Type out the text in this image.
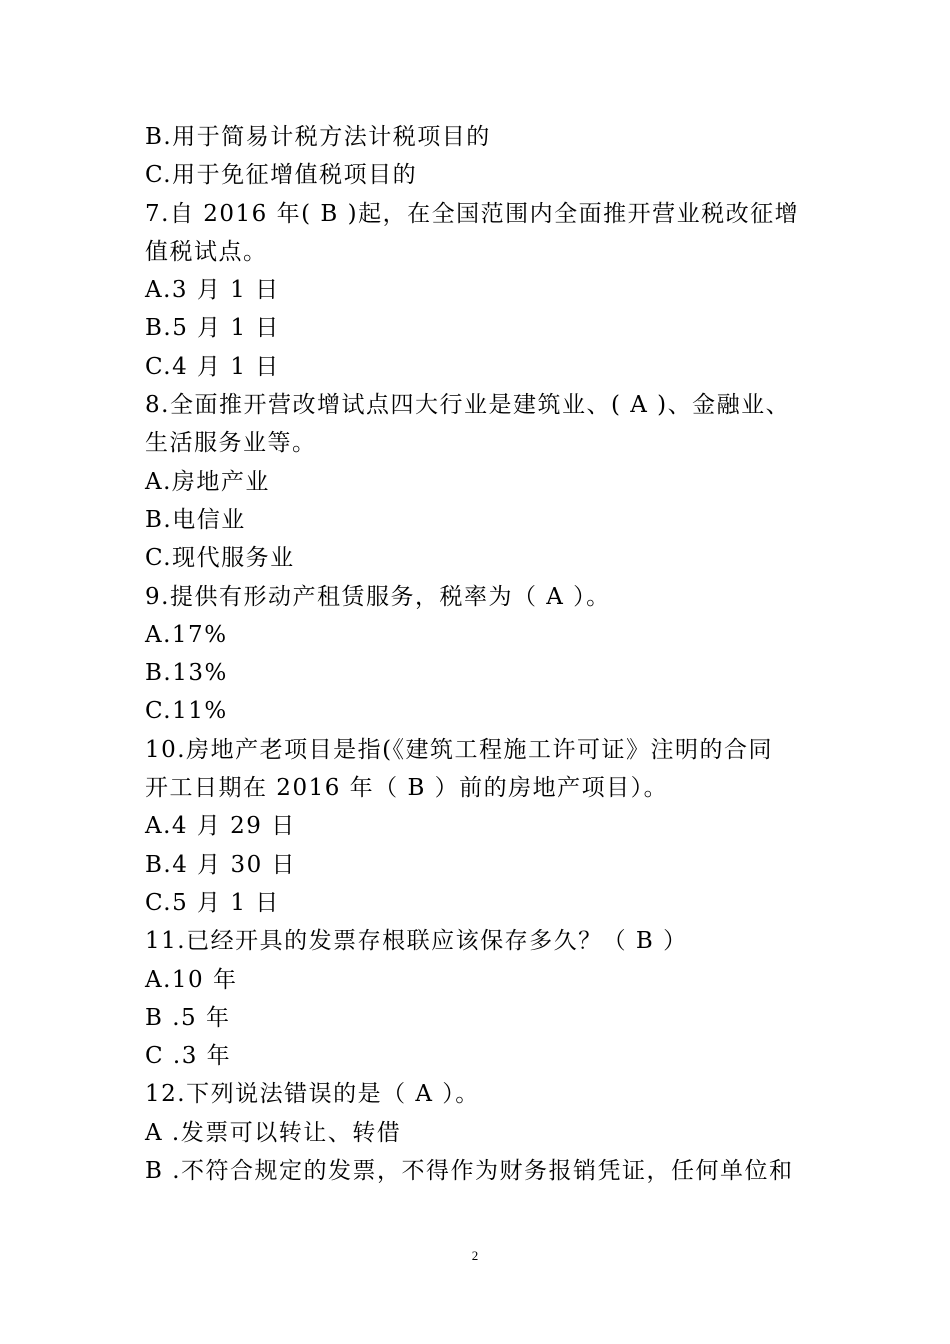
B.用于简易计税方法计税项目的
C.用于免征增值税项目的
7.自 2016 年( B )起，在全国范围内全面推开营业税改征增
值税试点。
A.3 月 1 日
B.5 月 1 日
C.4 月 1 日
8.全面推开营改增试点四大行业是建筑业、( A )、金融业、
生活服务业等。
A.房地产业
B.电信业
C.现代服务业
9.提供有形动产租赁服务，税率为（ A ）。
A.17%
B.13%
C.11%
10.房地产老项目是指(《建筑工程施工许可证》注明的合同
开工日期在 2016 年（ B ）前的房地产项目）。
A.4 月 29 日
B.4 月 30 日
C.5 月 1 日
11.已经开具的发票存根联应该保存多久？（ B ）
A.10 年
B .5 年
C .3 年
12.下列说法错误的是（ A ）。
A .发票可以转让、转借
B .不符合规定的发票，不得作为财务报销凭证，任何单位和
2
